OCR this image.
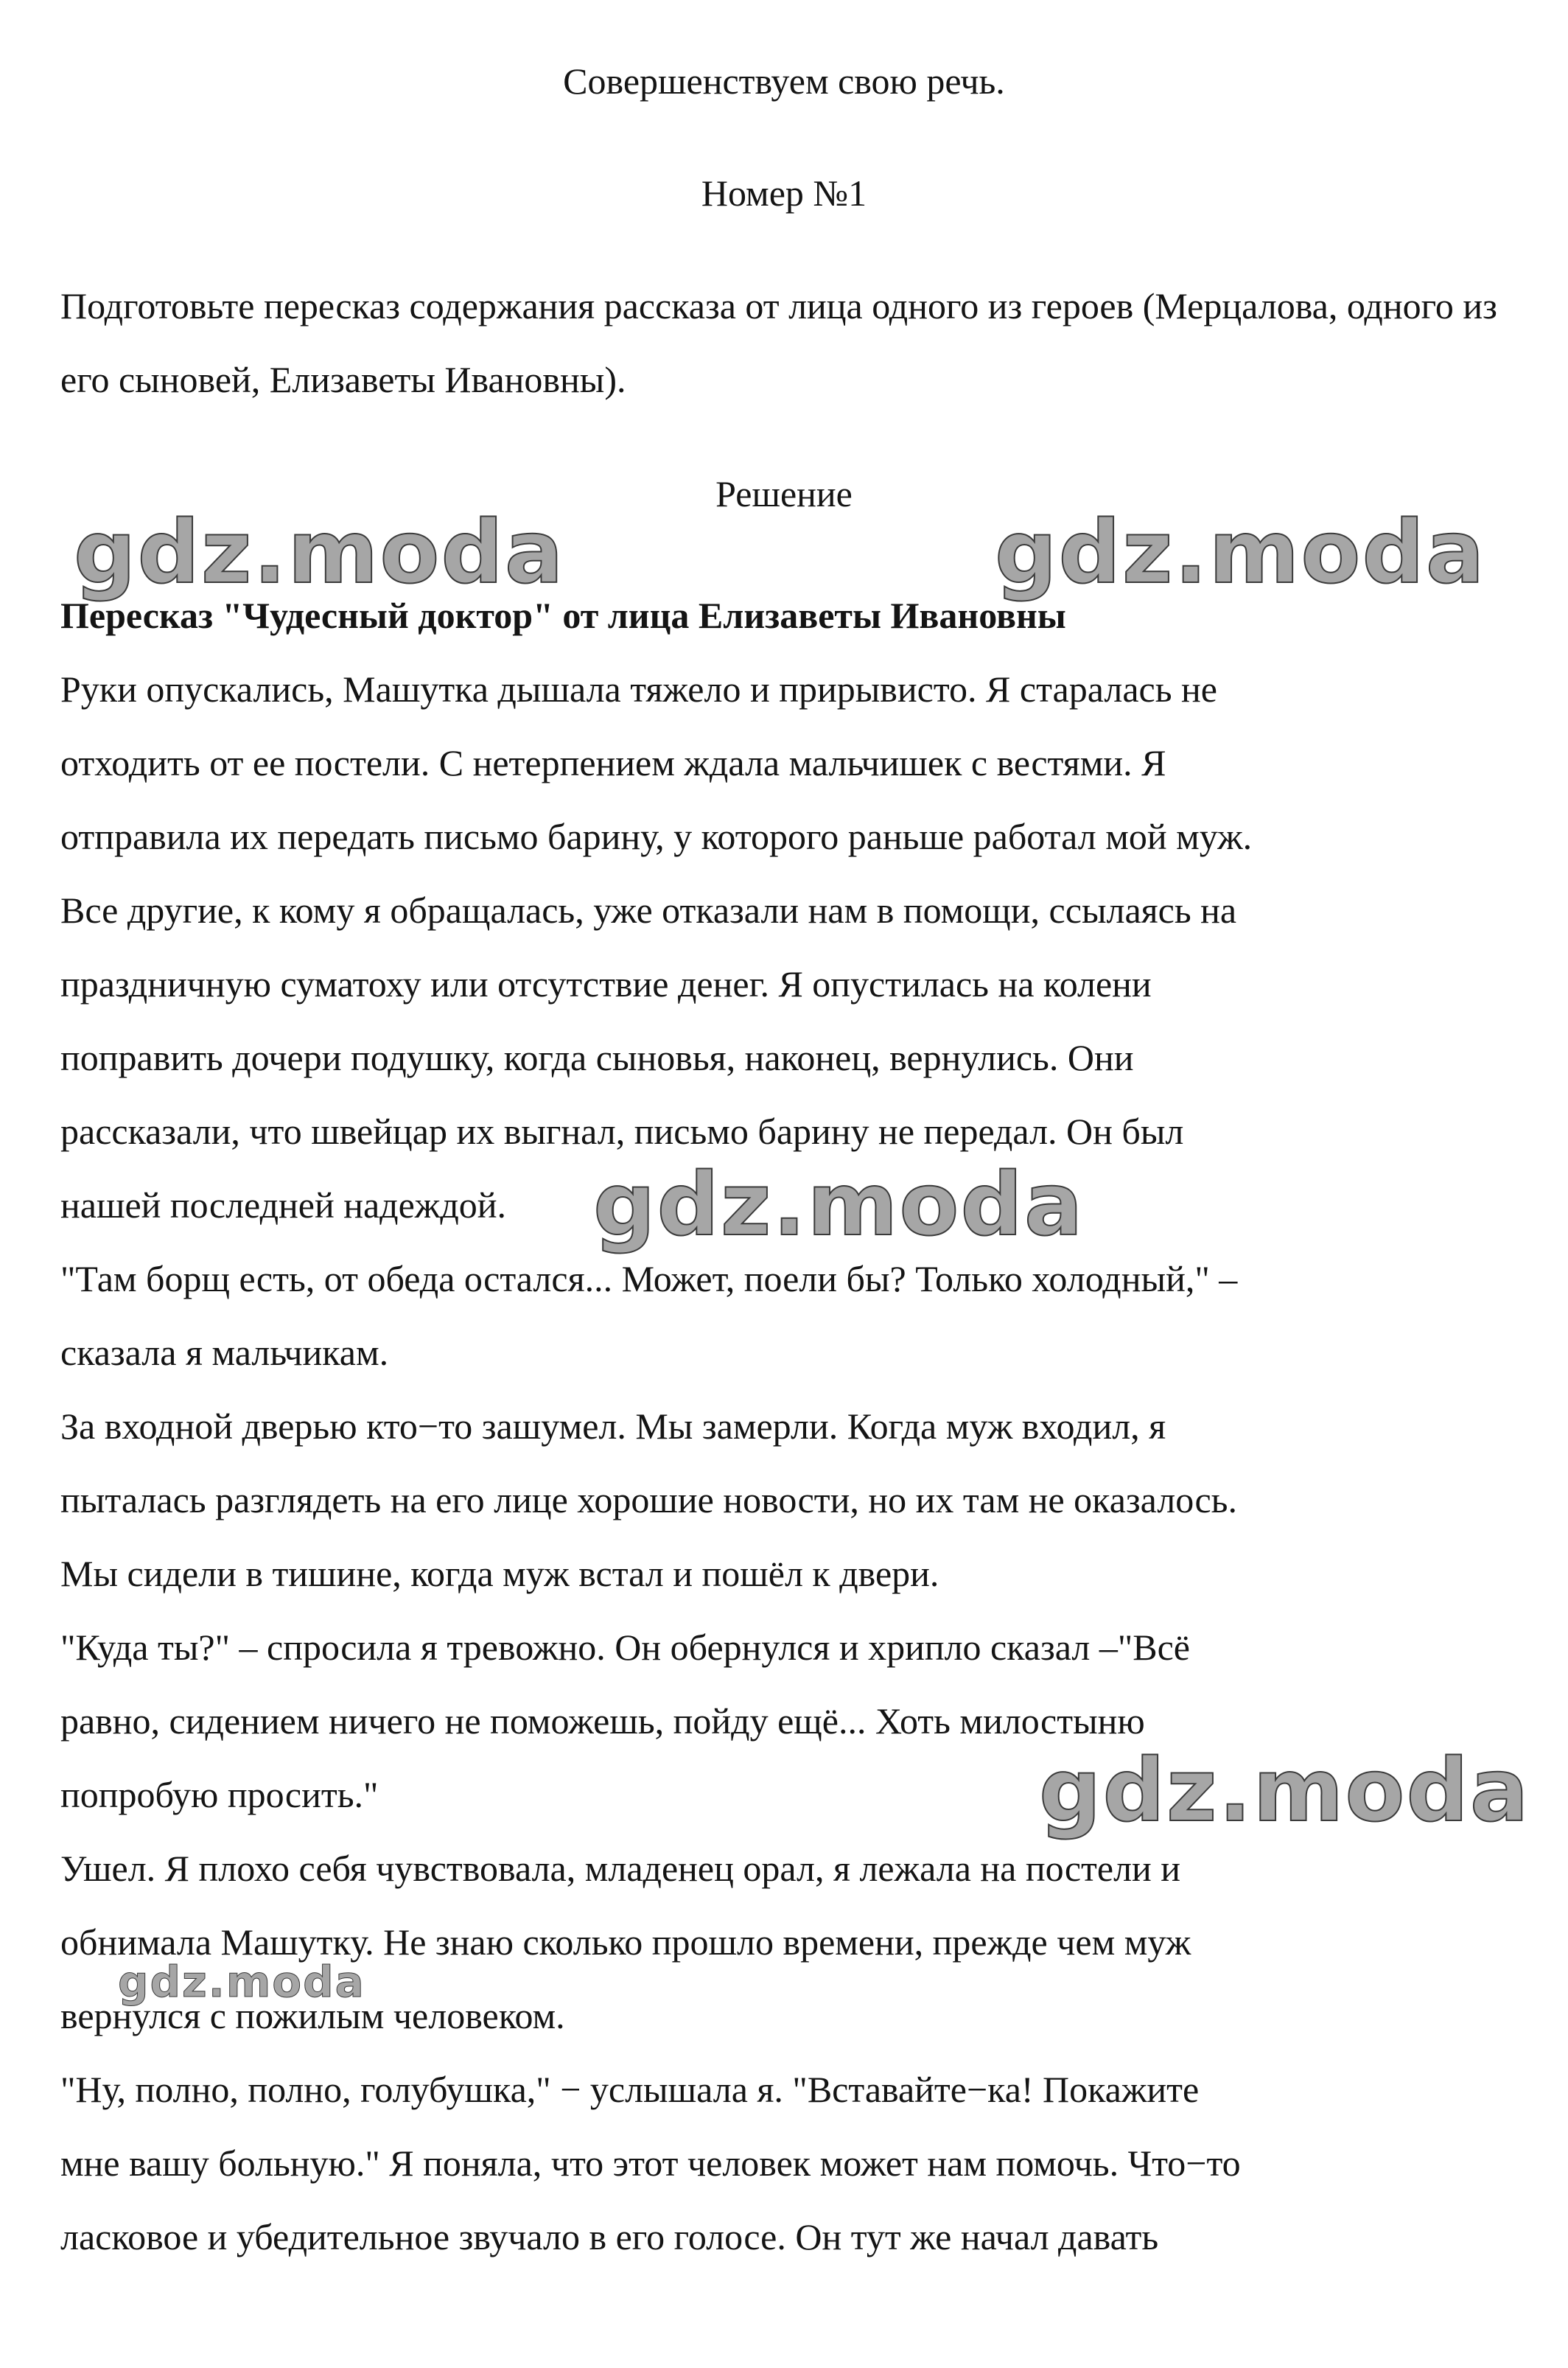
Совершенствуем свою речь.
Номер №1
Подготовьте пересказ содержания рассказа от лица одного из героев (Мерцалова, одного из его сыновей, Елизаветы Ивановны).
Решение
Пересказ "Чудесный доктор" от лица Елизаветы Ивановны
Руки опускались, Машутка дышала тяжело и прирывисто. Я старалась не
отходить от ее постели. С нетерпением ждала мальчишек с вестями. Я
отправила их передать письмо барину, у которого раньше работал мой муж.
Все другие, к кому я обращалась, уже отказали нам в помощи, ссылаясь на
праздничную суматоху или отсутствие денег. Я опустилась на колени
поправить дочери подушку, когда сыновья, наконец, вернулись. Они
рассказали, что швейцар их выгнал, письмо барину не передал. Он был
нашей последней надеждой.
"Там борщ есть, от обеда остался... Может, поели бы? Только холодный," –
сказала я мальчикам.
За входной дверью кто−то зашумел. Мы замерли. Когда муж входил, я
пыталась разглядеть на его лице хорошие новости, но их там не оказалось.
Мы сидели в тишине, когда муж встал и пошёл к двери.
"Куда ты?" – спросила я тревожно. Он обернулся и хрипло сказал –"Всё
равно, сидением ничего не поможешь, пойду ещё... Хоть милостыню
попробую просить."
Ушел. Я плохо себя чувствовала, младенец орал, я лежала на постели и
обнимала Машутку. Не знаю сколько прошло времени, прежде чем муж
вернулся с пожилым человеком.
"Ну, полно, полно, голубушка," − услышала я. "Вставайте−ка! Покажите
мне вашу больную." Я поняла, что этот человек может нам помочь. Что−то
ласковое и убедительное звучало в его голосе. Он тут же начал давать
gdz.moda	gdz.moda
gdz.moda
gdz.moda
gdz.moda
